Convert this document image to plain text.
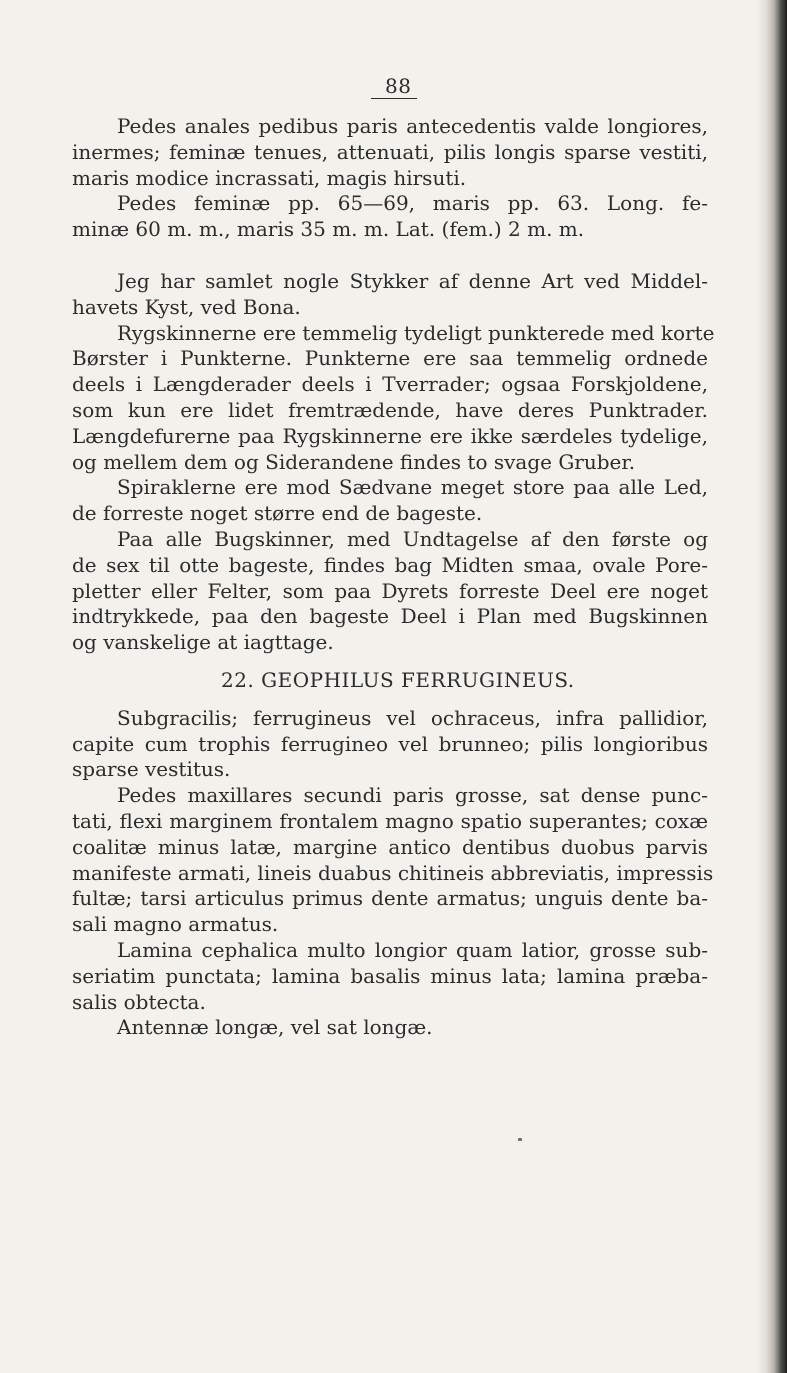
88
Pedes anales pedibus paris antecedentis valde longiores,
inermes; feminæ tenues, attenuati, pilis longis sparse vestiti,
maris modice incrassati, magis hirsuti.
Pedes feminæ pp. 65—69, maris pp. 63. Long. fe-
minæ 60 m. m., maris 35 m. m. Lat. (fem.) 2 m. m.
Jeg har samlet nogle Stykker af denne Art ved Middel-
havets Kyst, ved Bona.
Rygskinnerne ere temmelig tydeligt punkterede med korte
Børster i Punkterne. Punkterne ere saa temmelig ordnede
deels i Længderader deels i Tverrader; ogsaa Forskjoldene,
som kun ere lidet fremtrædende, have deres Punktrader.
Længdefurerne paa Rygskinnerne ere ikke særdeles tydelige,
og mellem dem og Siderandene findes to svage Gruber.
Spiraklerne ere mod Sædvane meget store paa alle Led,
de forreste noget større end de bageste.
Paa alle Bugskinner, med Undtagelse af den første og
de sex til otte bageste, findes bag Midten smaa, ovale Pore-
pletter eller Felter, som paa Dyrets forreste Deel ere noget
indtrykkede, paa den bageste Deel i Plan med Bugskinnen
og vanskelige at iagttage.
22. GEOPHILUS FERRUGINEUS.
Subgracilis; ferrugineus vel ochraceus, infra pallidior,
capite cum trophis ferrugineo vel brunneo; pilis longioribus
sparse vestitus.
Pedes maxillares secundi paris grosse, sat dense punc-
tati, flexi marginem frontalem magno spatio superantes; coxæ
coalitæ minus latæ, margine antico dentibus duobus parvis
manifeste armati, lineis duabus chitineis abbreviatis, impressis
fultæ; tarsi articulus primus dente armatus; unguis dente ba-
sali magno armatus.
Lamina cephalica multo longior quam latior, grosse sub-
seriatim punctata; lamina basalis minus lata; lamina præba-
salis obtecta.
Antennæ longæ, vel sat longæ.
